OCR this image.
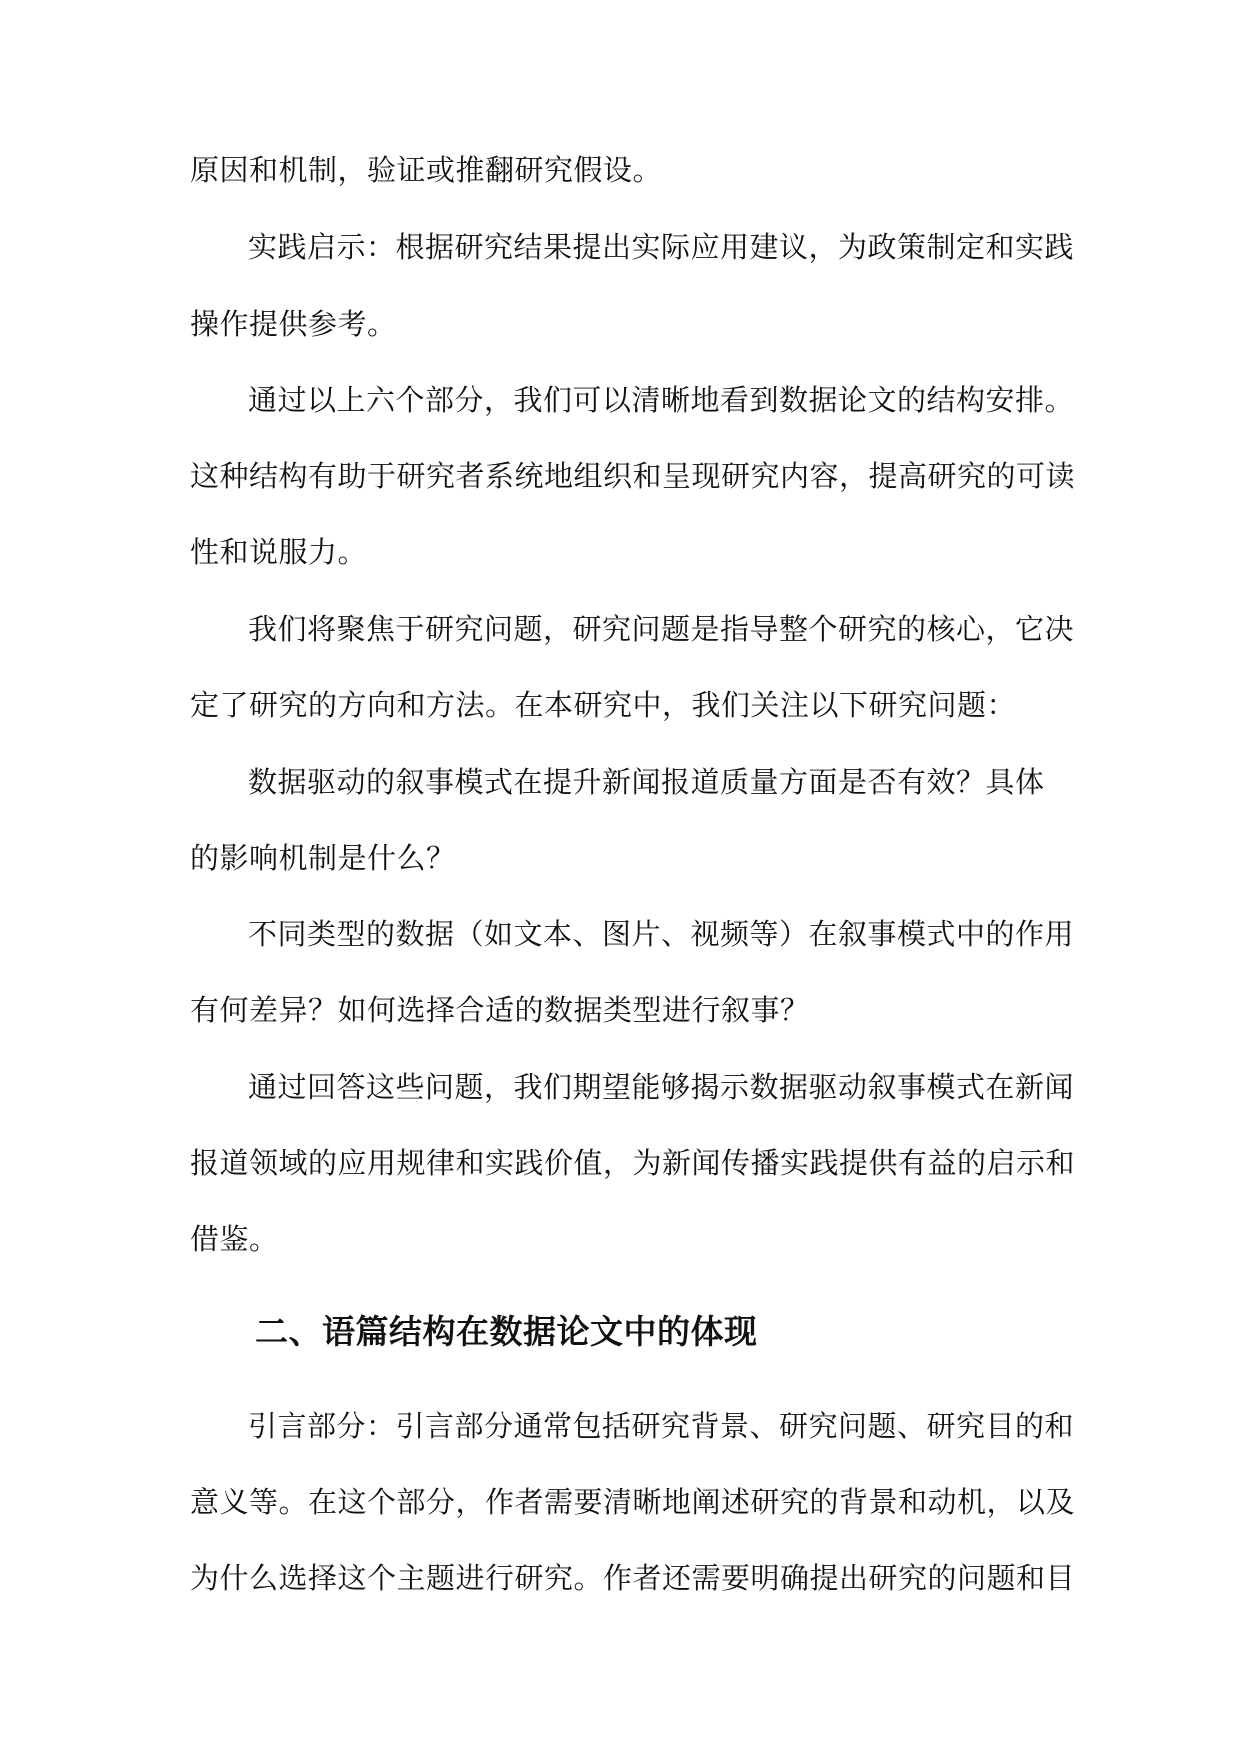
原因和机制，验证或推翻研究假设。
实践启示：根据研究结果提出实际应用建议，为政策制定和实践
操作提供参考。
通过以上六个部分，我们可以清晰地看到数据论文的结构安排。
这种结构有助于研究者系统地组织和呈现研究内容，提高研究的可读
性和说服力。
我们将聚焦于研究问题，研究问题是指导整个研究的核心，它决
定了研究的方向和方法。在本研究中，我们关注以下研究问题：
数据驱动的叙事模式在提升新闻报道质量方面是否有效？具体
的影响机制是什么？
不同类型的数据（如文本、图片、视频等）在叙事模式中的作用
有何差异？如何选择合适的数据类型进行叙事？
通过回答这些问题，我们期望能够揭示数据驱动叙事模式在新闻
报道领域的应用规律和实践价值，为新闻传播实践提供有益的启示和
借鉴。
二、语篇结构在数据论文中的体现
引言部分：引言部分通常包括研究背景、研究问题、研究目的和
意义等。在这个部分，作者需要清晰地阐述研究的背景和动机，以及
为什么选择这个主题进行研究。作者还需要明确提出研究的问题和目
